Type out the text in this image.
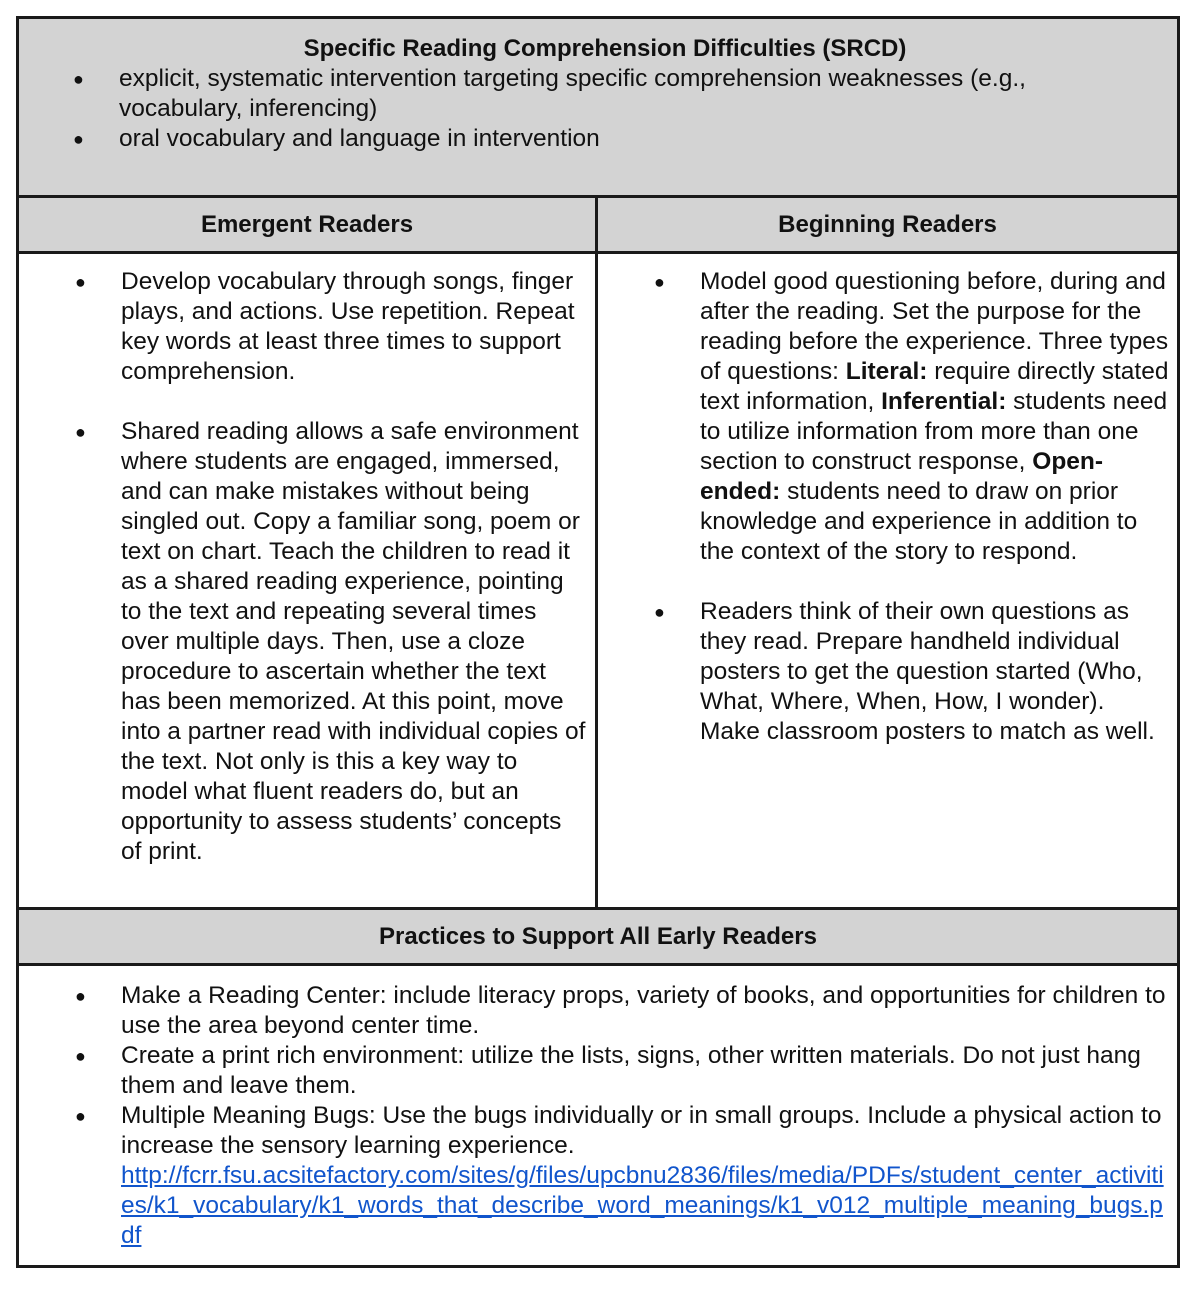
Specific Reading Comprehension Difficulties (SRCD)

● explicit, systematic intervention targeting specific comprehension weaknesses (e.g., vocabulary, inferencing)
● oral vocabulary and language in intervention
Emergent Readers	Beginning Readers
● Develop vocabulary through songs, finger plays, and actions. Use repetition. Repeat key words at least three times to support comprehension.
● Shared reading allows a safe environment where students are engaged, immersed, and can make mistakes without being singled out. Copy a familiar song, poem or text on chart. Teach the children to read it as a shared reading experience, pointing to the text and repeating several times over multiple days. Then, use a cloze procedure to ascertain whether the text has been memorized. At this point, move into a partner read with individual copies of the text. Not only is this a key way to model what fluent readers do, but an opportunity to assess students’ concepts of print.
● Model good questioning before, during and after the reading. Set the purpose for the reading before the experience. Three types of questions: Literal: require directly stated text information, Inferential: students need to utilize information from more than one section to construct response, Open-ended: students need to draw on prior knowledge and experience in addition to the context of the story to respond.
● Readers think of their own questions as they read. Prepare handheld individual posters to get the question started (Who, What, Where, When, How, I wonder). Make classroom posters to match as well.
Practices to Support All Early Readers
● Make a Reading Center: include literacy props, variety of books, and opportunities for children to use the area beyond center time.
● Create a print rich environment: utilize the lists, signs, other written materials. Do not just hang them and leave them.
● Multiple Meaning Bugs: Use the bugs individually or in small groups. Include a physical action to increase the sensory learning experience.
http://fcrr.fsu.acsitefactory.com/sites/g/files/upcbnu2836/files/media/PDFs/student_center_activities/k1_vocabulary/k1_words_that_describe_word_meanings/k1_v012_multiple_meaning_bugs.pdf
